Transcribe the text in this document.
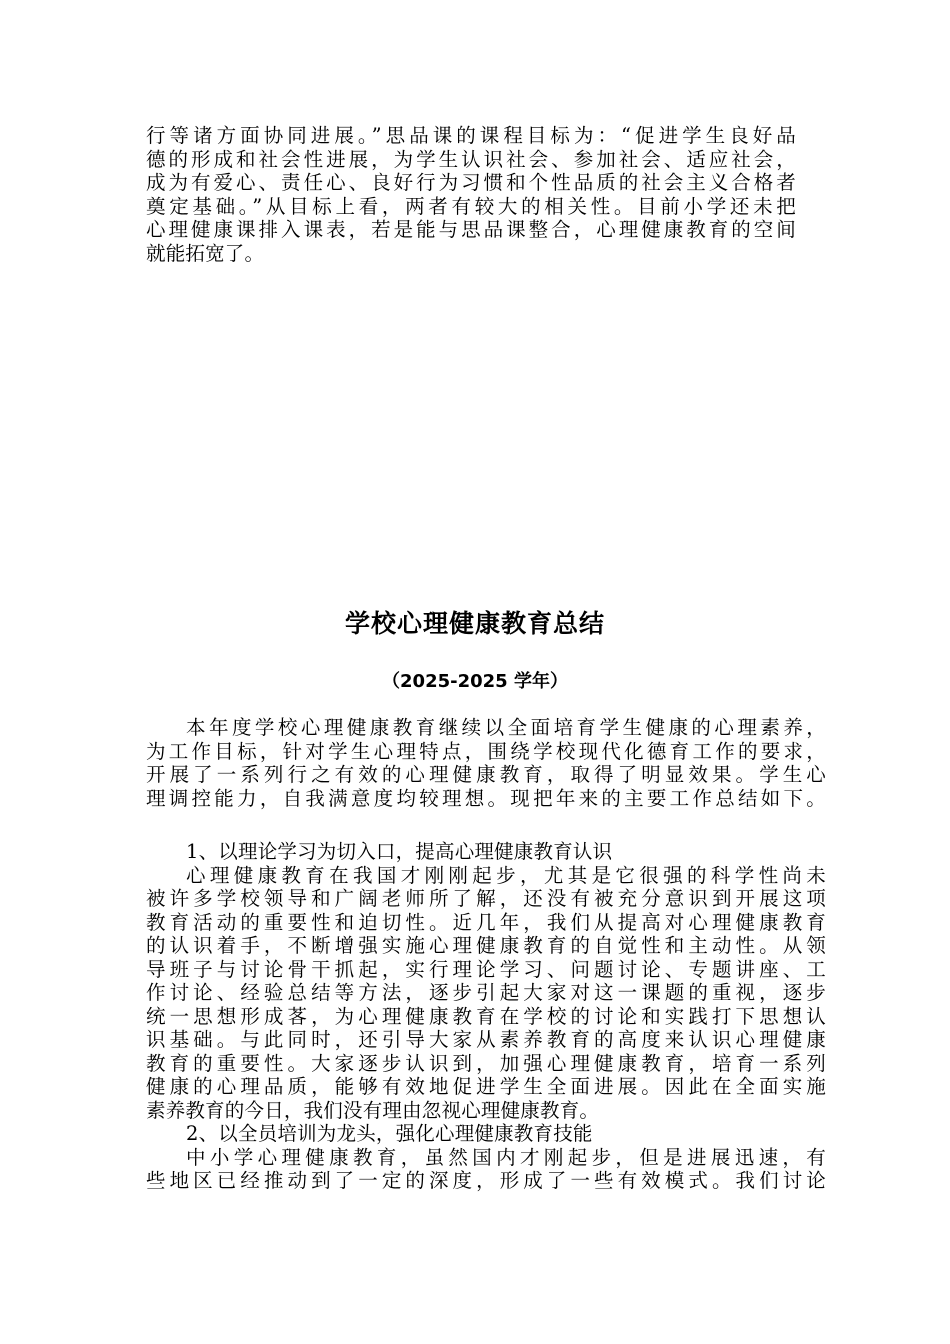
行等诸方面协同进展。”思品课的课程目标为：“促进学生良好品
德的形成和社会性进展，为学生认识社会、参加社会、适应社会，
成为有爱心、责任心、良好行为习惯和个性品质的社会主义合格者
奠定基础。”从目标上看，两者有较大的相关性。目前小学还未把
心理健康课排入课表，若是能与思品课整合，心理健康教育的空间
就能拓宽了。
学校心理健康教育总结
（2025-2025 学年）
本年度学校心理健康教育继续以全面培育学生健康的心理素养，
为工作目标，针对学生心理特点，围绕学校现代化德育工作的要求，
开展了一系列行之有效的心理健康教育，取得了明显效果。学生心
理调控能力，自我满意度均较理想。现把年来的主要工作总结如下。
1、以理论学习为切入口，提高心理健康教育认识
心理健康教育在我国才刚刚起步，尤其是它很强的科学性尚未
被许多学校领导和广阔老师所了解，还没有被充分意识到开展这项
教育活动的重要性和迫切性。近几年，我们从提高对心理健康教育
的认识着手，不断增强实施心理健康教育的自觉性和主动性。从领
导班子与讨论骨干抓起，实行理论学习、问题讨论、专题讲座、工
作讨论、经验总结等方法，逐步引起大家对这一课题的重视，逐步
统一思想形成茖，为心理健康教育在学校的讨论和实践打下思想认
识基础。与此同时，还引导大家从素养教育的高度来认识心理健康
教育的重要性。大家逐步认识到，加强心理健康教育，培育一系列
健康的心理品质，能够有效地促进学生全面进展。因此在全面实施
素养教育的今日，我们没有理由忽视心理健康教育。
2、以全员培训为龙头，强化心理健康教育技能
中小学心理健康教育，虽然国内才刚起步，但是进展迅速，有
些地区已经推动到了一定的深度，形成了一些有效模式。我们讨论
